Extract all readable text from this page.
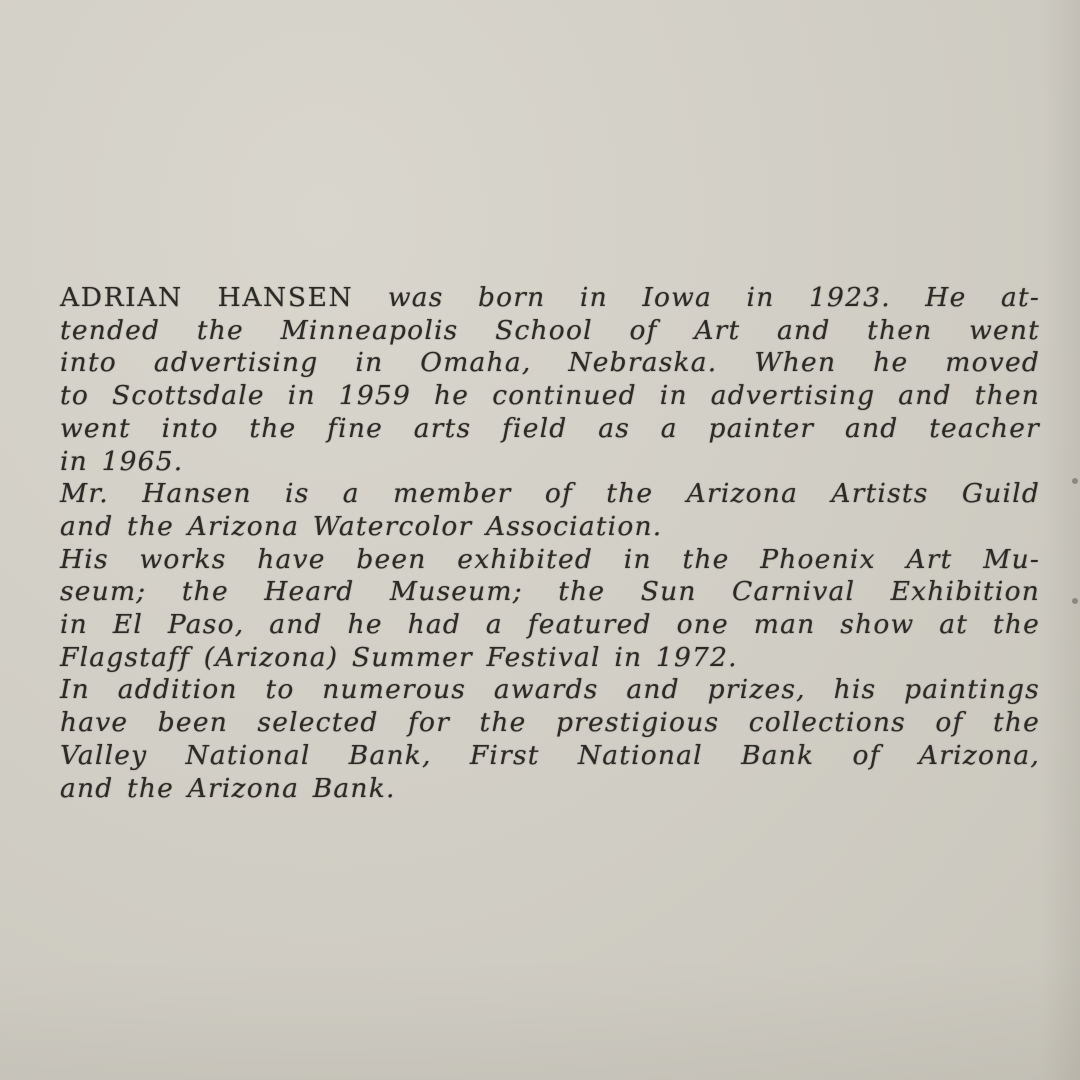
ADRIAN HANSEN was born in Iowa in 1923. He at-
tended the Minneapolis School of Art and then went
into advertising in Omaha, Nebraska. When he moved
to Scottsdale in 1959 he continued in advertising and then
went into the fine arts field as a painter and teacher
in 1965.
Mr. Hansen is a member of the Arizona Artists Guild
and the Arizona Watercolor Association.
His works have been exhibited in the Phoenix Art Mu-
seum; the Heard Museum; the Sun Carnival Exhibition
in El Paso, and he had a featured one man show at the
Flagstaff (Arizona) Summer Festival in 1972.
In addition to numerous awards and prizes, his paintings
have been selected for the prestigious collections of the
Valley National Bank, First National Bank of Arizona,
and the Arizona Bank.
